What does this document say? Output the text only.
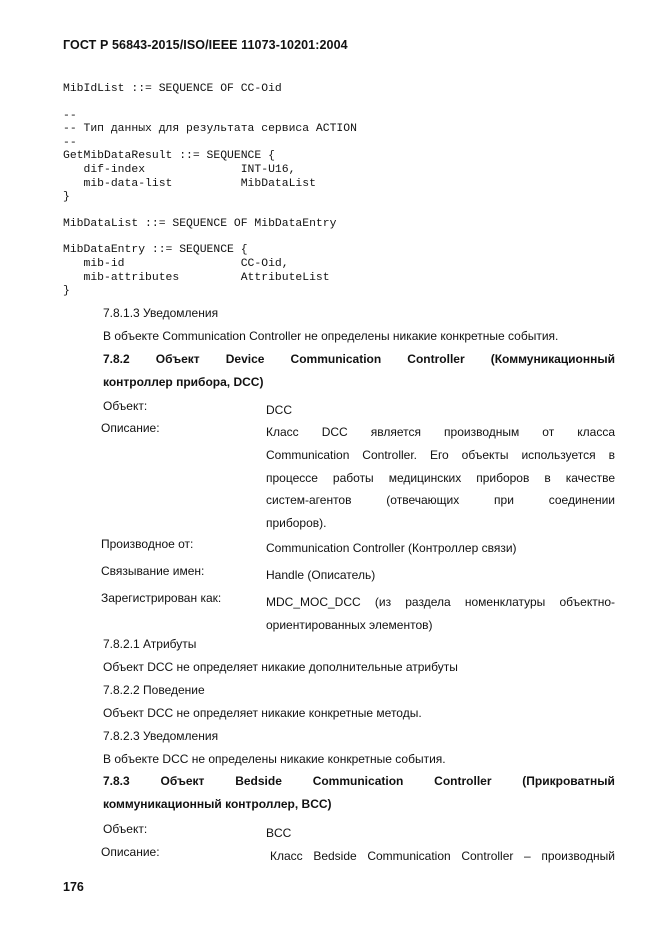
ГОСТ Р 56843-2015/ISO/IEEE 11073-10201:2004
MibIdList ::= SEQUENCE OF CC-Oid
--
-- Тип данных для результата сервиса ACTION
--
GetMibDataResult ::= SEQUENCE {
dif-index              INT-U16,
mib-data-list          MibDataList
}
MibDataList ::= SEQUENCE OF MibDataEntry
MibDataEntry ::= SEQUENCE {
mib-id                 CC-Oid,
mib-attributes         AttributeList
}
7.8.1.3 Уведомления
В объекте Communication Controller не определены никакие конкретные события.
7.8.2 Объект Device Communication Controller (Коммуникационный
контроллер прибора, DCC)
Объект:	DCC
Описание:	Класс DCC является производным от класса
Communication Controller. Его объекты используется в
процессе работы медицинских приборов в качестве
систем-агентов (отвечающих при соединении
приборов).
Производное от:	Communication Controller (Контроллер связи)
Связывание имен:	Handle (Описатель)
Зарегистрирован как:	MDC_MOC_DCC (из раздела номенклатуры объектно-
ориентированных элементов)
7.8.2.1 Атрибуты
Объект DCC не определяет никакие дополнительные атрибуты
7.8.2.2 Поведение
Объект DCC не определяет никакие конкретные методы.
7.8.2.3 Уведомления
В объекте DCC не определены никакие конкретные события.
7.8.3	Объект	Bedside	Communication	Controller	(Прикроватный
коммуникационный контроллер, BCC)
Объект:	BCC
Описание:	Класс Bedside Communication Controller – производный
176
